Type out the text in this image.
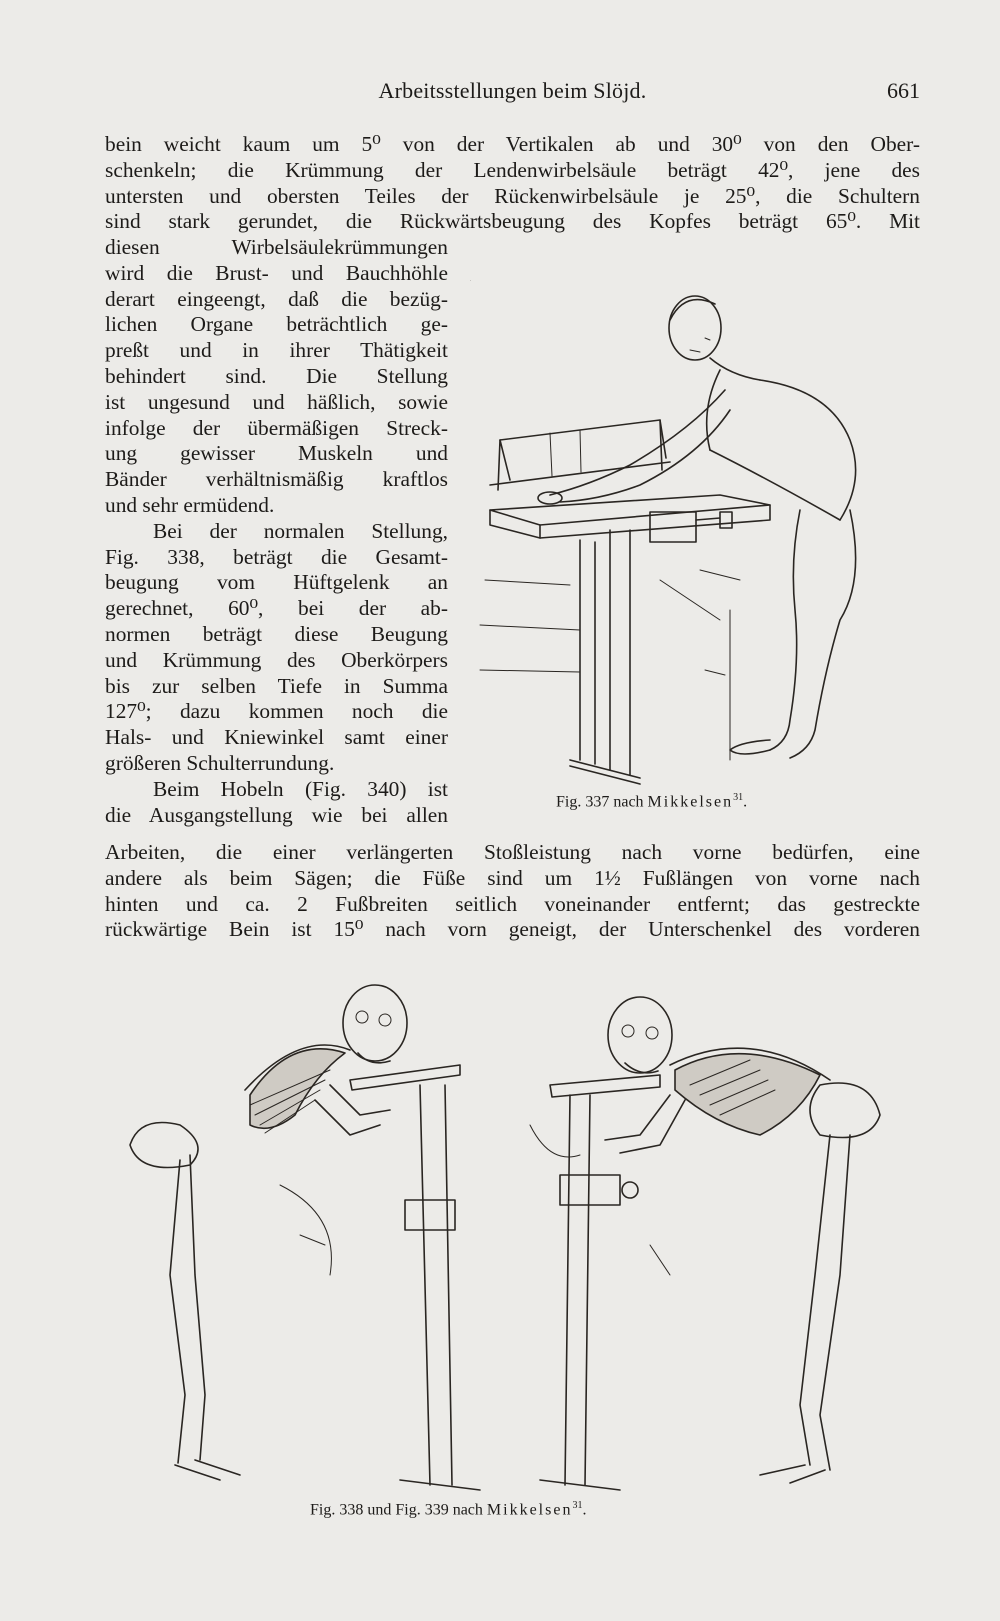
Arbeitsstellungen beim Slöjd.	661
bein weicht kaum um 5⁰ von der Vertikalen ab und 30⁰ von den Ober-
schenkeln; die Krümmung der Lendenwirbelsäule beträgt 42⁰, jene des
untersten und obersten Teiles der Rückenwirbelsäule je 25⁰, die Schultern
sind stark gerundet, die Rückwärtsbeugung des Kopfes beträgt 65⁰. Mit
diesen Wirbelsäulekrümmungen
wird die Brust- und Bauchhöhle
derart eingeengt, daß die bezüg-
lichen Organe beträchtlich ge-
preßt und in ihrer Thätigkeit
behindert sind. Die Stellung
ist ungesund und häßlich, sowie
infolge der übermäßigen Streck-
ung gewisser Muskeln und
Bänder verhältnismäßig kraftlos
und sehr ermüdend.
Bei der normalen Stellung,
Fig. 338, beträgt die Gesamt-
beugung vom Hüftgelenk an
gerechnet, 60⁰, bei der ab-
normen beträgt diese Beugung
und Krümmung des Oberkörpers
bis zur selben Tiefe in Summa
127⁰; dazu kommen noch die
Hals- und Kniewinkel samt einer
größeren Schulterrundung.
Beim Hobeln (Fig. 340) ist
die Ausgangstellung wie bei allen
Arbeiten, die einer verlängerten Stoßleistung nach vorne bedürfen, eine
andere als beim Sägen; die Füße sind um 1½ Fußlängen von vorne nach
hinten und ca. 2 Fußbreiten seitlich voneinander entfernt; das gestreckte
rückwärtige Bein ist 15⁰ nach vorn geneigt, der Unterschenkel des vorderen
Fig. 337 nach Mikkelsen$^{31}$.
Fig. 338 und Fig. 339 nach Mikkelsen$^{31}$.
